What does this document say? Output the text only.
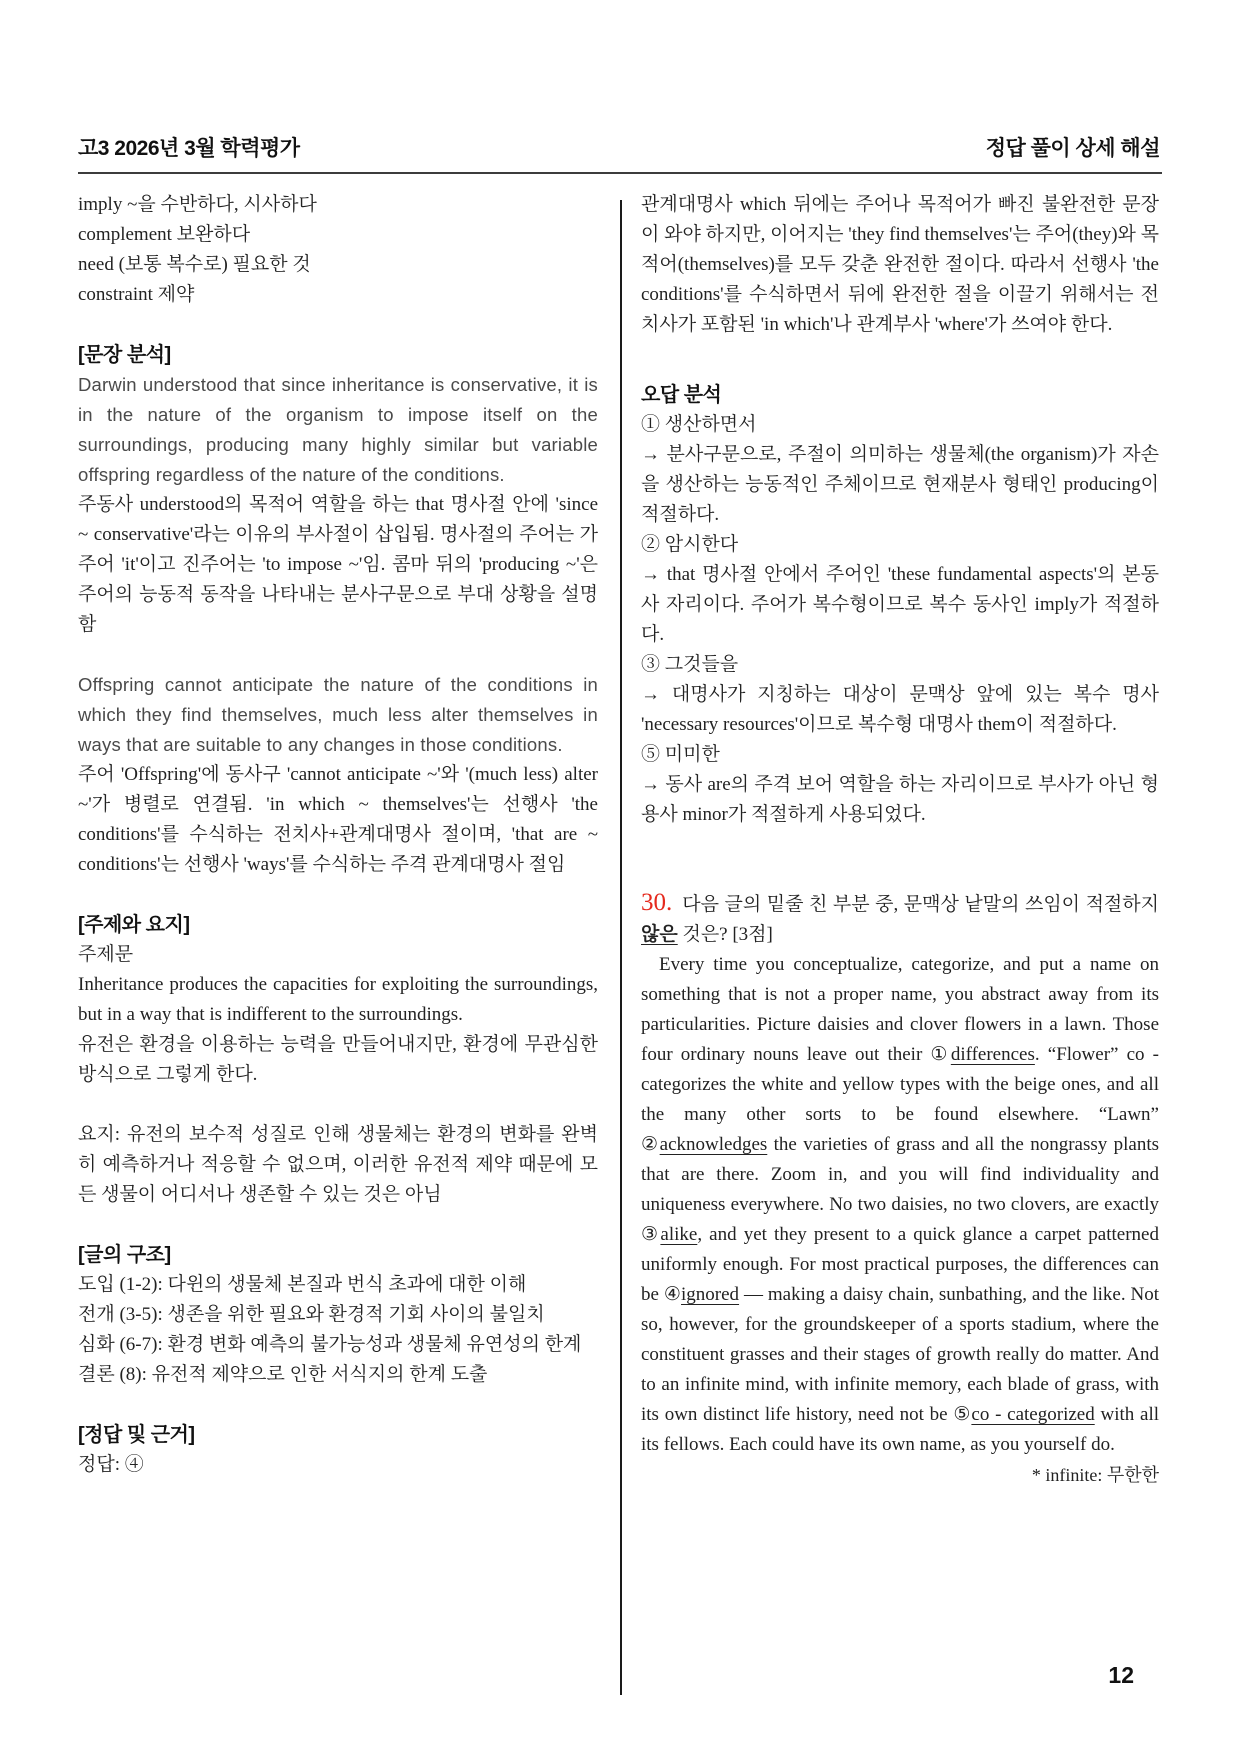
고3 2026년 3월 학력평가	정답 풀이 상세 해설

imply ~을 수반하다, 시사하다

complement 보완하다

need (보통 복수로) 필요한 것

constraint 제약

[문장 분석]

Darwin understood that since inheritance is conservative, it is in the nature of the organism to impose itself on the surroundings, producing many highly similar but variable offspring regardless of the nature of the conditions.

주동사 understood의 목적어 역할을 하는 that 명사절 안에 'since ~ conservative'라는 이유의 부사절이 삽입됨. 명사절의 주어는 가주어 'it'이고 진주어는 'to impose ~'임. 콤마 뒤의 'producing ~'은 주어의 능동적 동작을 나타내는 분사구문으로 부대 상황을 설명함

Offspring cannot anticipate the nature of the conditions in which they find themselves, much less alter themselves in ways that are suitable to any changes in those conditions.

주어 'Offspring'에 동사구 'cannot anticipate ~'와 '(much less) alter ~'가 병렬로 연결됨. 'in which ~ themselves'는 선행사 'the conditions'를 수식하는 전치사+관계대명사 절이며, 'that are ~ conditions'는 선행사 'ways'를 수식하는 주격 관계대명사 절임

[주제와 요지]

주제문

Inheritance produces the capacities for exploiting the surroundings, but in a way that is indifferent to the surroundings.

유전은 환경을 이용하는 능력을 만들어내지만, 환경에 무관심한 방식으로 그렇게 한다.

요지: 유전의 보수적 성질로 인해 생물체는 환경의 변화를 완벽히 예측하거나 적응할 수 없으며, 이러한 유전적 제약 때문에 모든 생물이 어디서나 생존할 수 있는 것은 아님

[글의 구조]

도입 (1-2): 다윈의 생물체 본질과 번식 초과에 대한 이해

전개 (3-5): 생존을 위한 필요와 환경적 기회 사이의 불일치

심화 (6-7): 환경 변화 예측의 불가능성과 생물체 유연성의 한계

결론 (8): 유전적 제약으로 인한 서식지의 한계 도출

[정답 및 근거]

정답: ④

관계대명사 which 뒤에는 주어나 목적어가 빠진 불완전한 문장이 와야 하지만, 이어지는 'they find themselves'는 주어(they)와 목적어(themselves)를 모두 갖춘 완전한 절이다. 따라서 선행사 'the conditions'를 수식하면서 뒤에 완전한 절을 이끌기 위해서는 전치사가 포함된 'in which'나 관계부사 'where'가 쓰여야 한다.

오답 분석

① 생산하면서

→ 분사구문으로, 주절이 의미하는 생물체(the organism)가 자손을 생산하는 능동적인 주체이므로 현재분사 형태인 producing이 적절하다.

② 암시한다

→ that 명사절 안에서 주어인 'these fundamental aspects'의 본동사 자리이다. 주어가 복수형이므로 복수 동사인 imply가 적절하다.

③ 그것들을

→ 대명사가 지칭하는 대상이 문맥상 앞에 있는 복수 명사 'necessary resources'이므로 복수형 대명사 them이 적절하다.

⑤ 미미한

→ 동사 are의 주격 보어 역할을 하는 자리이므로 부사가 아닌 형용사 minor가 적절하게 사용되었다.

30. 다음 글의 밑줄 친 부분 중, 문맥상 낱말의 쓰임이 적절하지 않은 것은? [3점]

Every time you conceptualize, categorize, and put a name on something that is not a proper name, you abstract away from its particularities. Picture daisies and clover flowers in a lawn. Those four ordinary nouns leave out their ①differences. “Flower” co - categorizes the white and yellow types with the beige ones, and all the many other sorts to be found elsewhere. “Lawn” ②acknowledges the varieties of grass and all the nongrassy plants that are there. Zoom in, and you will find individuality and uniqueness everywhere. No two daisies, no two clovers, are exactly ③alike, and yet they present to a quick glance a carpet patterned uniformly enough. For most practical purposes, the differences can be ④ignored — making a daisy chain, sunbathing, and the like. Not so, however, for the groundskeeper of a sports stadium, where the constituent grasses and their stages of growth really do matter. And to an infinite mind, with infinite memory, each blade of grass, with its own distinct life history, need not be ⑤co - categorized with all its fellows. Each could have its own name, as you yourself do.

* infinite: 무한한

12
